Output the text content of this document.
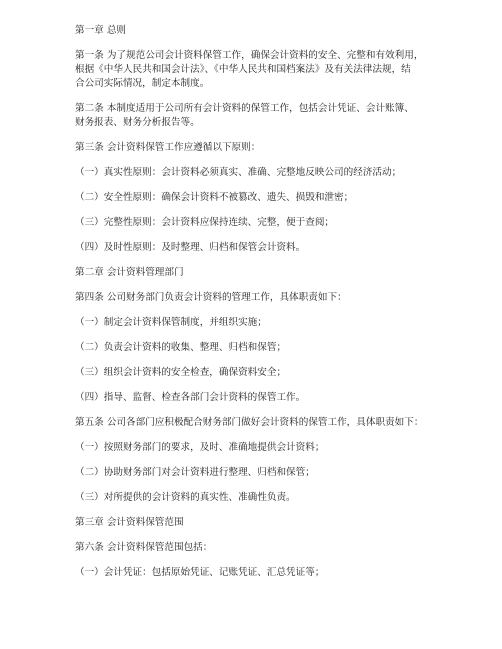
第一章 总则

第一条 为了规范公司会计资料保管工作，确保会计资料的安全、完整和有效利用，

根据《中华人民共和国会计法》、《中华人民共和国档案法》及有关法律法规，结

合公司实际情况，制定本制度。

第二条 本制度适用于公司所有会计资料的保管工作，包括会计凭证、会计账簿、

财务报表、财务分析报告等。

第三条 会计资料保管工作应遵循以下原则：

（一）真实性原则：会计资料必须真实、准确、完整地反映公司的经济活动；

（二）安全性原则：确保会计资料不被篡改、遗失、损毁和泄密；

（三）完整性原则：会计资料应保持连续、完整，便于查阅；

（四）及时性原则：及时整理、归档和保管会计资料。

第二章 会计资料管理部门

第四条 公司财务部门负责会计资料的管理工作，具体职责如下：

（一）制定会计资料保管制度，并组织实施；

（二）负责会计资料的收集、整理、归档和保管；

（三）组织会计资料的安全检查，确保资料安全；

（四）指导、监督、检查各部门会计资料的保管工作。

第五条 公司各部门应积极配合财务部门做好会计资料的保管工作，具体职责如下：

（一）按照财务部门的要求，及时、准确地提供会计资料；

（二）协助财务部门对会计资料进行整理、归档和保管；

（三）对所提供的会计资料的真实性、准确性负责。

第三章 会计资料保管范围

第六条 会计资料保管范围包括：

（一）会计凭证：包括原始凭证、记账凭证、汇总凭证等；
